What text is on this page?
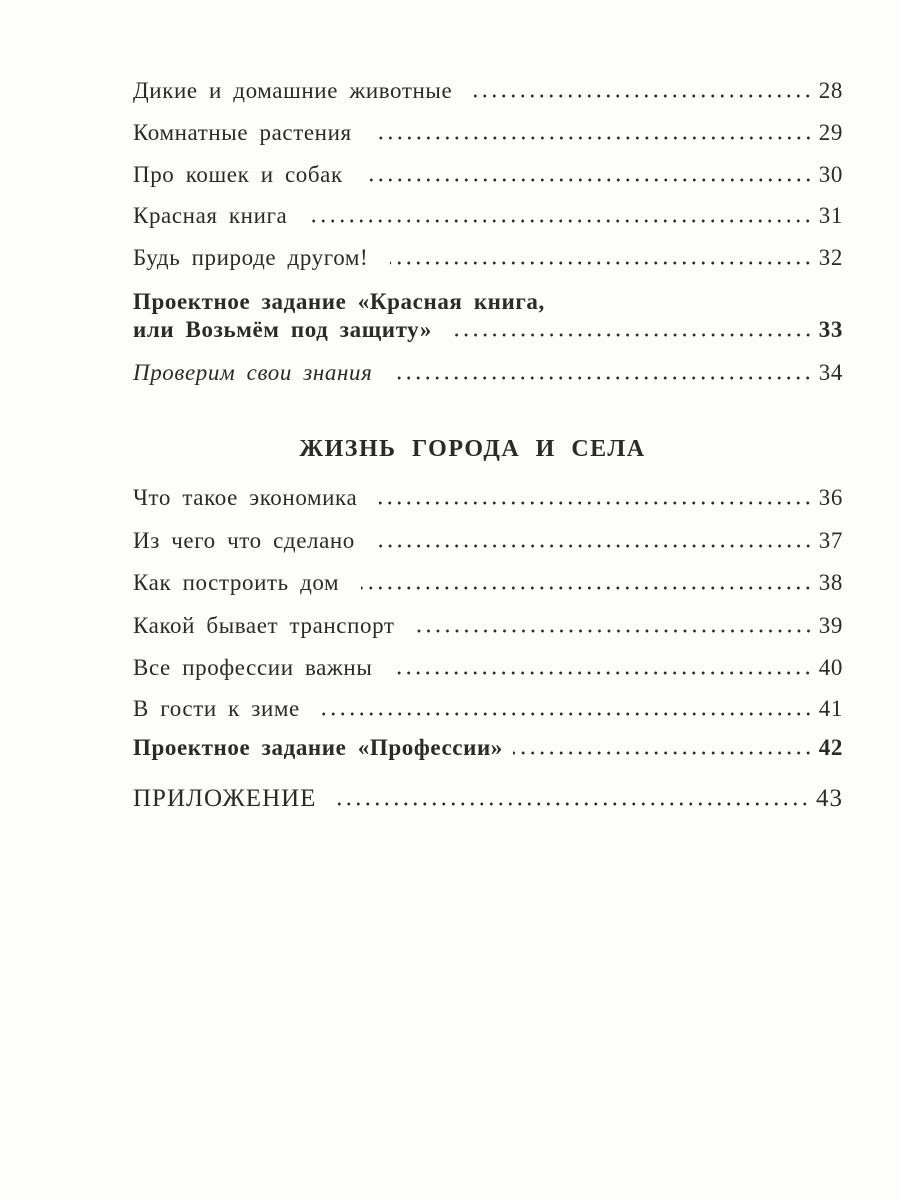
Дикие и домашние животные	28
Комнатные растения	29
Про кошек и собак	30
Красная книга	31
Будь природе другом!	32
Проектное задание «Красная книга,
или Возьмём под защиту»	33
Проверим свои знания	34
ЖИЗНЬ ГОРОДА И СЕЛА
Что такое экономика	36
Из чего что сделано	37
Как построить дом	38
Какой бывает транспорт	39
Все профессии важны	40
В гости к зиме	41
Проектное задание «Профессии»	42
ПРИЛОЖЕНИЕ	43
